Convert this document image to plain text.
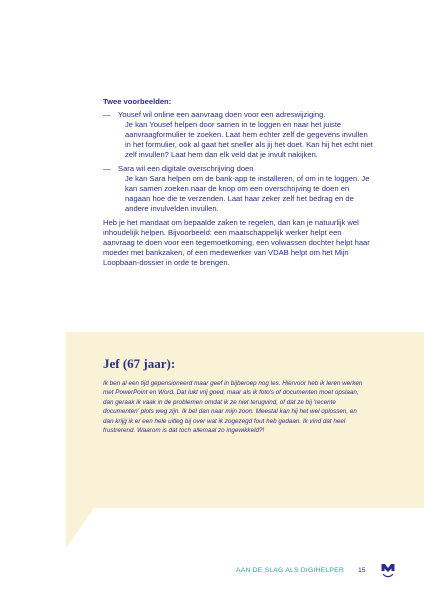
Twee voorbeelden:
— Yousef wil online een aanvraag doen voor een adreswijziging.
Je kan Yousef helpen door samen in te loggen en naar het juiste aanvraagformulier te zoeken. Laat hem echter zelf de gegevens invullen in het formulier, ook al gaat het sneller als jij het doet. Kan hij het echt niet zelf invullen? Laat hem dan elk veld dat je invult nakijken.
— Sara wil een digitale overschrijving doen
Je kan Sara helpen om de bank-app te installeren, of om in te loggen. Je kan samen zoeken naar de knop om een overschrijving te doen en nagaan hoe die te verzenden. Laat haar zeker zelf het bedrag en de andere invulvelden invullen.
Heb je het mandaat om bepaalde zaken te regelen, dan kan je natuurlijk wel inhoudelijk helpen. Bijvoorbeeld: een maatschappelijk werker helpt een aanvraag te doen voor een tegemoetkoming, een volwassen dochter helpt haar moeder met bankzaken, of een medewerker van VDAB helpt om het Mijn Loopbaan-dossier in orde te brengen.
Jef (67 jaar):
Ik ben al een tijd gepensioneerd maar geef in bijberoep nog les. Hiervoor heb ik leren werken met PowerPoint en Word. Dat lukt vrij goed, maar als ik foto's of documenten moet opslaan, dan geraak ik vaak in de problemen omdat ik ze niet terugvind, of dat ze bij 'recente documenten' plots weg zijn. Ik bel dan naar mijn zoon. Meestal kan hij het wel oplossen, en dan krijg ik er een hele uitleg bij over wat ik zogezegd fout heb gedaan. Ik vind dat heel frustrerend. Waarom is dat toch allemaal zo ingewikkeld?!
AAN DE SLAG ALS DIGIHELPER 15
